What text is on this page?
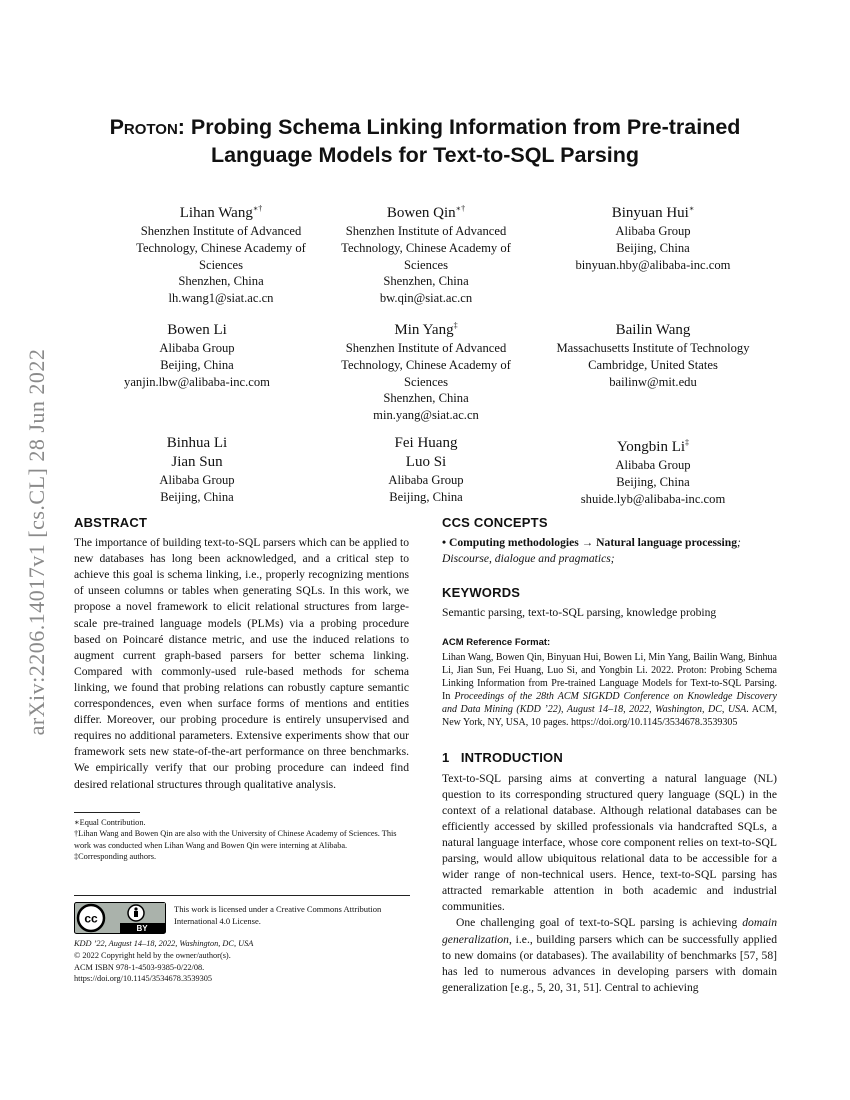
arXiv:2206.14017v1 [cs.CL] 28 Jun 2022
Proton: Probing Schema Linking Information from Pre-trained
Language Models for Text-to-SQL Parsing
Lihan Wang∗†
Shenzhen Institute of Advanced
Technology, Chinese Academy of
Sciences
Shenzhen, China
lh.wang1@siat.ac.cn
Bowen Qin∗†
Shenzhen Institute of Advanced
Technology, Chinese Academy of
Sciences
Shenzhen, China
bw.qin@siat.ac.cn
Binyuan Hui∗
Alibaba Group
Beijing, China
binyuan.hby@alibaba-inc.com
Bowen Li
Alibaba Group
Beijing, China
yanjin.lbw@alibaba-inc.com
Min Yang‡
Shenzhen Institute of Advanced
Technology, Chinese Academy of
Sciences
Shenzhen, China
min.yang@siat.ac.cn
Bailin Wang
Massachusetts Institute of Technology
Cambridge, United States
bailinw@mit.edu
Binhua Li
Jian Sun
Alibaba Group
Beijing, China
Fei Huang
Luo Si
Alibaba Group
Beijing, China
Yongbin Li‡
Alibaba Group
Beijing, China
shuide.lyb@alibaba-inc.com
ABSTRACT

The importance of building text-to-SQL parsers which can be applied to new databases has long been acknowledged, and a critical step to achieve this goal is schema linking, i.e., properly recognizing mentions of unseen columns or tables when generating SQLs. In this work, we propose a novel framework to elicit relational structures from large-scale pre-trained language models (PLMs) via a probing procedure based on Poincaré distance metric, and use the induced relations to augment current graph-based parsers for better schema linking. Compared with commonly-used rule-based methods for schema linking, we found that probing relations can robustly capture semantic correspondences, even when surface forms of mentions and entities differ. Moreover, our probing procedure is entirely unsupervised and requires no additional parameters. Extensive experiments show that our framework sets new state-of-the-art performance on three benchmarks. We empirically verify that our probing procedure can indeed find desired relational structures through qualitative analysis.

∗Equal Contribution.
†Lihan Wang and Bowen Qin are also with the University of Chinese Academy of Sciences. This work was conducted when Lihan Wang and Bowen Qin were interning at Alibaba.
‡Corresponding authors.
cc
BY
This work is licensed under a Creative Commons Attribution International 4.0 License.
KDD ’22, August 14–18, 2022, Washington, DC, USA
© 2022 Copyright held by the owner/author(s).
ACM ISBN 978-1-4503-9385-0/22/08.
https://doi.org/10.1145/3534678.3539305
CCS CONCEPTS

• Computing methodologies → Natural language processing; Discourse, dialogue and pragmatics;

KEYWORDS

Semantic parsing, text-to-SQL parsing, knowledge probing

ACM Reference Format:
Lihan Wang, Bowen Qin, Binyuan Hui, Bowen Li, Min Yang, Bailin Wang, Binhua Li, Jian Sun, Fei Huang, Luo Si, and Yongbin Li. 2022. Proton: Probing Schema Linking Information from Pre-trained Language Models for Text-to-SQL Parsing. In Proceedings of the 28th ACM SIGKDD Conference on Knowledge Discovery and Data Mining (KDD ’22), August 14–18, 2022, Washington, DC, USA. ACM, New York, NY, USA, 10 pages. https://doi.org/10.1145/3534678.3539305
1 INTRODUCTION

Text-to-SQL parsing aims at converting a natural language (NL) question to its corresponding structured query language (SQL) in the context of a relational database. Although relational databases can be efficiently accessed by skilled professionals via handcrafted SQLs, a natural language interface, whose core component relies on text-to-SQL parsing, would allow ubiquitous relational data to be accessible for a wider range of non-technical users. Hence, text-to-SQL parsing has attracted remarkable attention in both academic and industrial communities.

One challenging goal of text-to-SQL parsing is achieving domain generalization, i.e., building parsers which can be successfully applied to new domains (or databases). The availability of benchmarks [57, 58] has led to numerous advances in developing parsers with domain generalization [e.g., 5, 20, 31, 51]. Central to achieving
